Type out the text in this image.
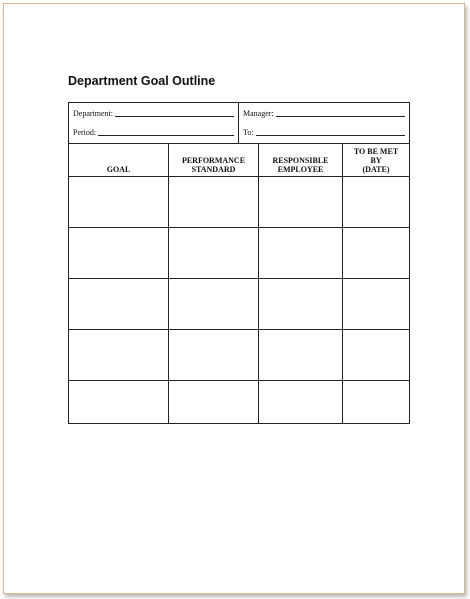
Department Goal Outline
Department:	Manager:
Period:	To:
GOAL
PERFORMANCE
STANDARD
RESPONSIBLE
EMPLOYEE
TO BE MET
BY
(DATE)
